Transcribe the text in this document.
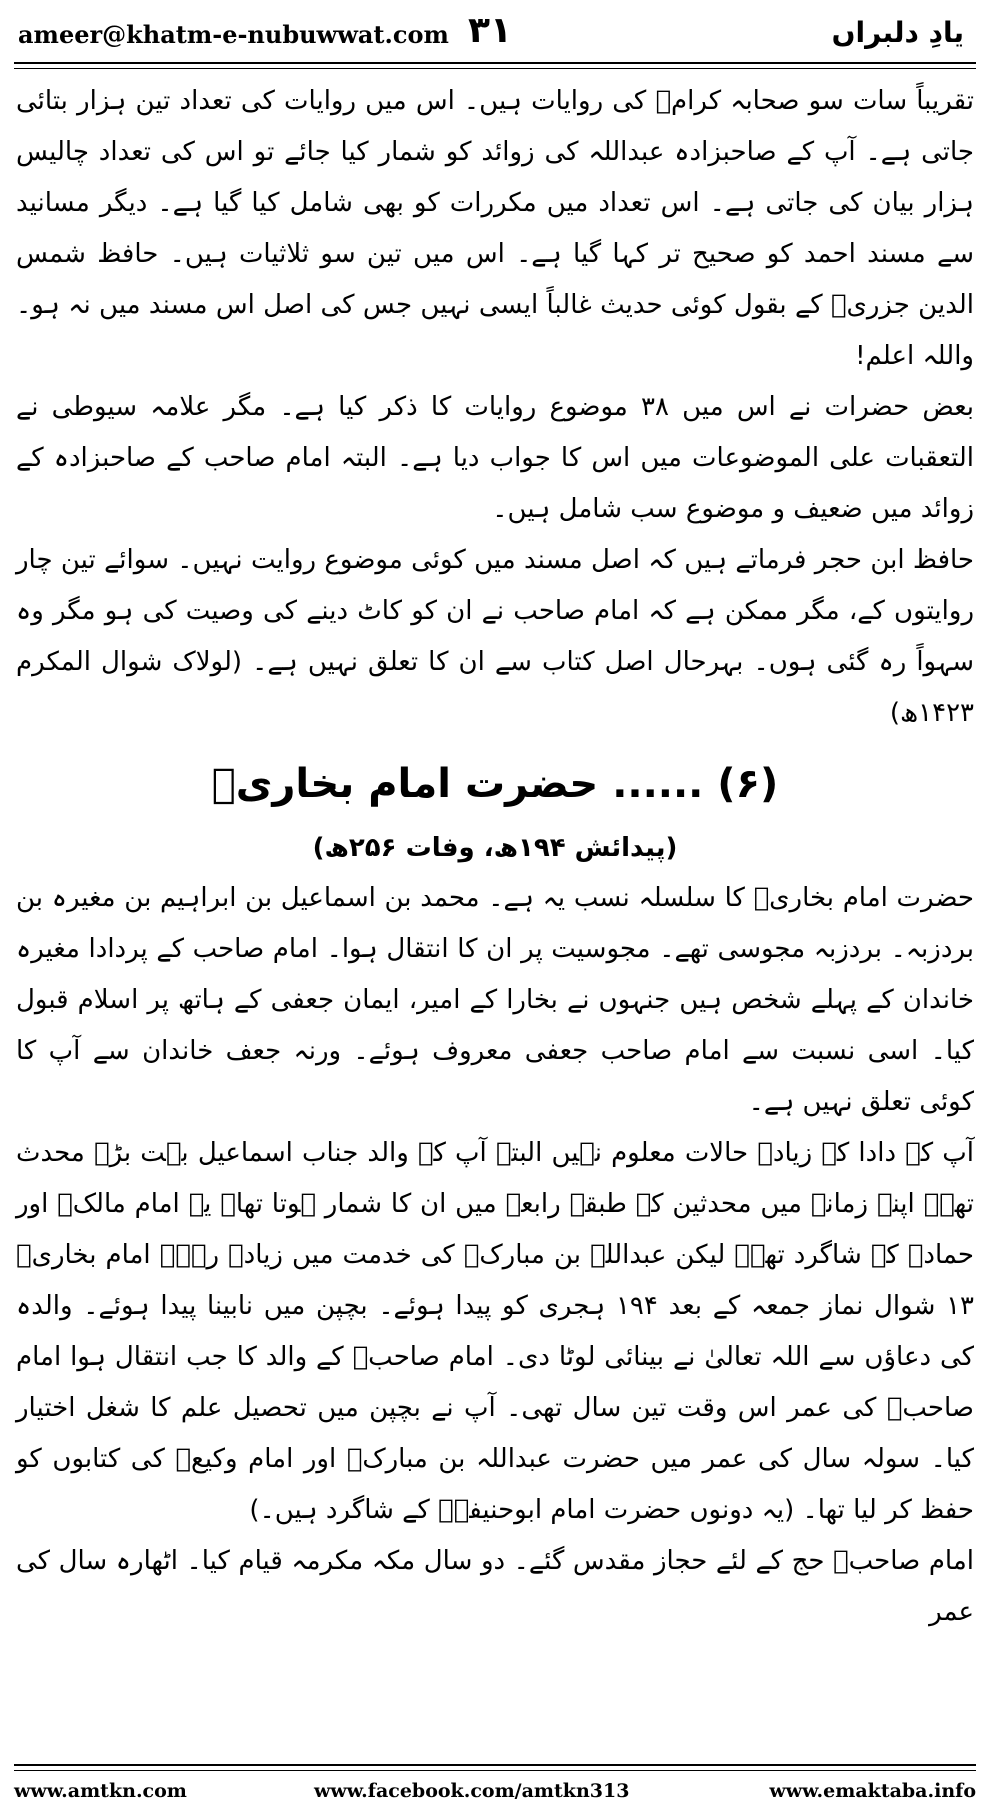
ameer@khatm-e-nubuwwat.com ۳۱	یادِ دلبراں

تقریباً سات سو صحابہ کرامؓ کی روایات ہیں۔ اس میں روایات کی تعداد تین ہزار بتائی جاتی ہے۔ آپ کے صاحبزادہ عبداللہ کی زوائد کو شمار کیا جائے تو اس کی تعداد چالیس ہزار بیان کی جاتی ہے۔ اس تعداد میں مکررات کو بھی شامل کیا گیا ہے۔ دیگر مسانید سے مسند احمد کو صحیح تر کہا گیا ہے۔ اس میں تین سو ثلاثیات ہیں۔ حافظ شمس الدین جزریؒ کے بقول کوئی حدیث غالباً ایسی نہیں جس کی اصل اس مسند میں نہ ہو۔ واللہ اعلم!

بعض حضرات نے اس میں ۳۸ موضوع روایات کا ذکر کیا ہے۔ مگر علامہ سیوطی نے التعقبات علی الموضوعات میں اس کا جواب دیا ہے۔ البتہ امام صاحب کے صاحبزادہ کے زوائد میں ضعیف و موضوع سب شامل ہیں۔

حافظ ابن حجر فرماتے ہیں کہ اصل مسند میں کوئی موضوع روایت نہیں۔ سوائے تین چار روایتوں کے، مگر ممکن ہے کہ امام صاحب نے ان کو کاٹ دینے کی وصیت کی ہو مگر وہ سہواً رہ گئی ہوں۔ بہرحال اصل کتاب سے ان کا تعلق نہیں ہے۔ (لولاک شوال المکرم ۱۴۲۳ھ)

(۶) ...... حضرت امام بخاریؒ
(پیدائش ۱۹۴ھ، وفات ۲۵۶ھ)

حضرت امام بخاریؒ کا سلسلہ نسب یہ ہے۔ محمد بن اسماعیل بن ابراہیم بن مغیرہ بن بردزبہ۔ بردزبہ مجوسی تھے۔ مجوسیت پر ان کا انتقال ہوا۔ امام صاحب کے پردادا مغیرہ خاندان کے پہلے شخص ہیں جنہوں نے بخارا کے امیر، ایمان جعفی کے ہاتھ پر اسلام قبول کیا۔ اسی نسبت سے امام صاحب جعفی معروف ہوئے۔ ورنہ جعف خاندان سے آپ کا کوئی تعلق نہیں ہے۔

آپ کے دادا کے زیادہ حالات معلوم نہیں البتہ آپ کے والد جناب اسماعیل بہت بڑے محدث تھے۔ اپنے زمانہ میں محدثین کے طبقہ رابعہ میں ان کا شمار ہوتا تھا۔ یہ امام مالکؒ اور حمادؒ کے شاگرد تھے۔ لیکن عبداللہ بن مبارکؒ کی خدمت میں زیادہ رہے۔ امام بخاریؒ ۱۳ شوال نماز جمعہ کے بعد ۱۹۴ ہجری کو پیدا ہوئے۔ بچپن میں نابینا پیدا ہوئے۔ والدہ کی دعاؤں سے اللہ تعالیٰ نے بینائی لوٹا دی۔ امام صاحبؒ کے والد کا جب انتقال ہوا امام صاحبؒ کی عمر اس وقت تین سال تھی۔ آپ نے بچپن میں تحصیل علم کا شغل اختیار کیا۔ سولہ سال کی عمر میں حضرت عبداللہ بن مبارکؒ اور امام وکیعؒ کی کتابوں کو حفظ کر لیا تھا۔ (یہ دونوں حضرت امام ابوحنیفہؒ کے شاگرد ہیں۔)

امام صاحبؒ حج کے لئے حجاز مقدس گئے۔ دو سال مکہ مکرمہ قیام کیا۔ اٹھارہ سال کی عمر

www.amtkn.com	www.facebook.com/amtkn313	www.emaktaba.info
